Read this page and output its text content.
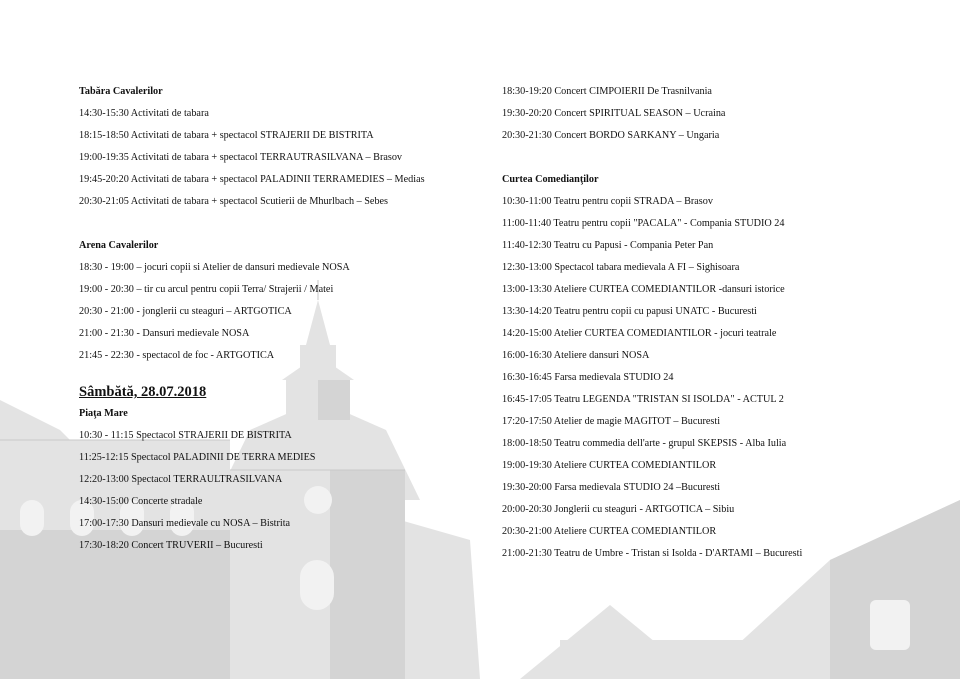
Tabăra Cavalerilor
14:30-15:30 Activitati de tabara
18:15-18:50 Activitati de tabara + spectacol STRAJERII DE BISTRITA
19:00-19:35 Activitati de tabara + spectacol TERRAUTRASILVANA – Brasov
19:45-20:20 Activitati de tabara + spectacol PALADINII TERRAMEDIES – Medias
20:30-21:05 Activitati de tabara + spectacol Scutierii de Mhurlbach – Sebes
Arena Cavalerilor
18:30 - 19:00 – jocuri copii si Atelier de dansuri medievale NOSA
19:00 - 20:30 – tir cu arcul pentru copii Terra/ Strajerii / Matei
20:30 - 21:00 - jonglerii cu steaguri – ARTGOTICA
21:00 - 21:30 - Dansuri medievale NOSA
21:45 - 22:30 - spectacol de foc - ARTGOTICA
Sâmbătă, 28.07.2018
Piaţa Mare
10:30 - 11:15 Spectacol STRAJERII DE BISTRITA
11:25-12:15 Spectacol PALADINII DE TERRA MEDIES
12:20-13:00 Spectacol TERRAULTRASILVANA
14:30-15:00 Concerte stradale
17:00-17:30 Dansuri medievale cu NOSA – Bistrita
17:30-18:20 Concert TRUVERII – Bucuresti
18:30-19:20 Concert CIMPOIERII De Trasnilvania
19:30-20:20 Concert SPIRITUAL SEASON – Ucraina
20:30-21:30 Concert BORDO SARKANY – Ungaria
Curtea Comedianţilor
10:30-11:00 Teatru pentru copii STRADA – Brasov
11:00-11:40 Teatru pentru copii "PACALA" - Compania STUDIO 24
11:40-12:30 Teatru cu Papusi - Compania Peter Pan
12:30-13:00 Spectacol tabara medievala A FI – Sighisoara
13:00-13:30 Ateliere CURTEA COMEDIANTILOR -dansuri istorice
13:30-14:20 Teatru pentru copii cu papusi UNATC - Bucuresti
14:20-15:00 Atelier CURTEA COMEDIANTILOR - jocuri teatrale
16:00-16:30 Ateliere dansuri NOSA
16:30-16:45 Farsa medievala STUDIO 24
16:45-17:05 Teatru LEGENDA "TRISTAN SI ISOLDA" - ACTUL 2
17:20-17:50 Atelier de magie MAGITOT – Bucuresti
18:00-18:50 Teatru commedia dell'arte - grupul SKEPSIS - Alba Iulia
19:00-19:30 Ateliere CURTEA COMEDIANTILOR
19:30-20:00 Farsa medievala STUDIO 24 –Bucuresti
20:00-20:30 Jonglerii cu steaguri - ARTGOTICA – Sibiu
20:30-21:00 Ateliere CURTEA COMEDIANTILOR
21:00-21:30 Teatru de Umbre - Tristan si Isolda - D'ARTAMI – Bucuresti
